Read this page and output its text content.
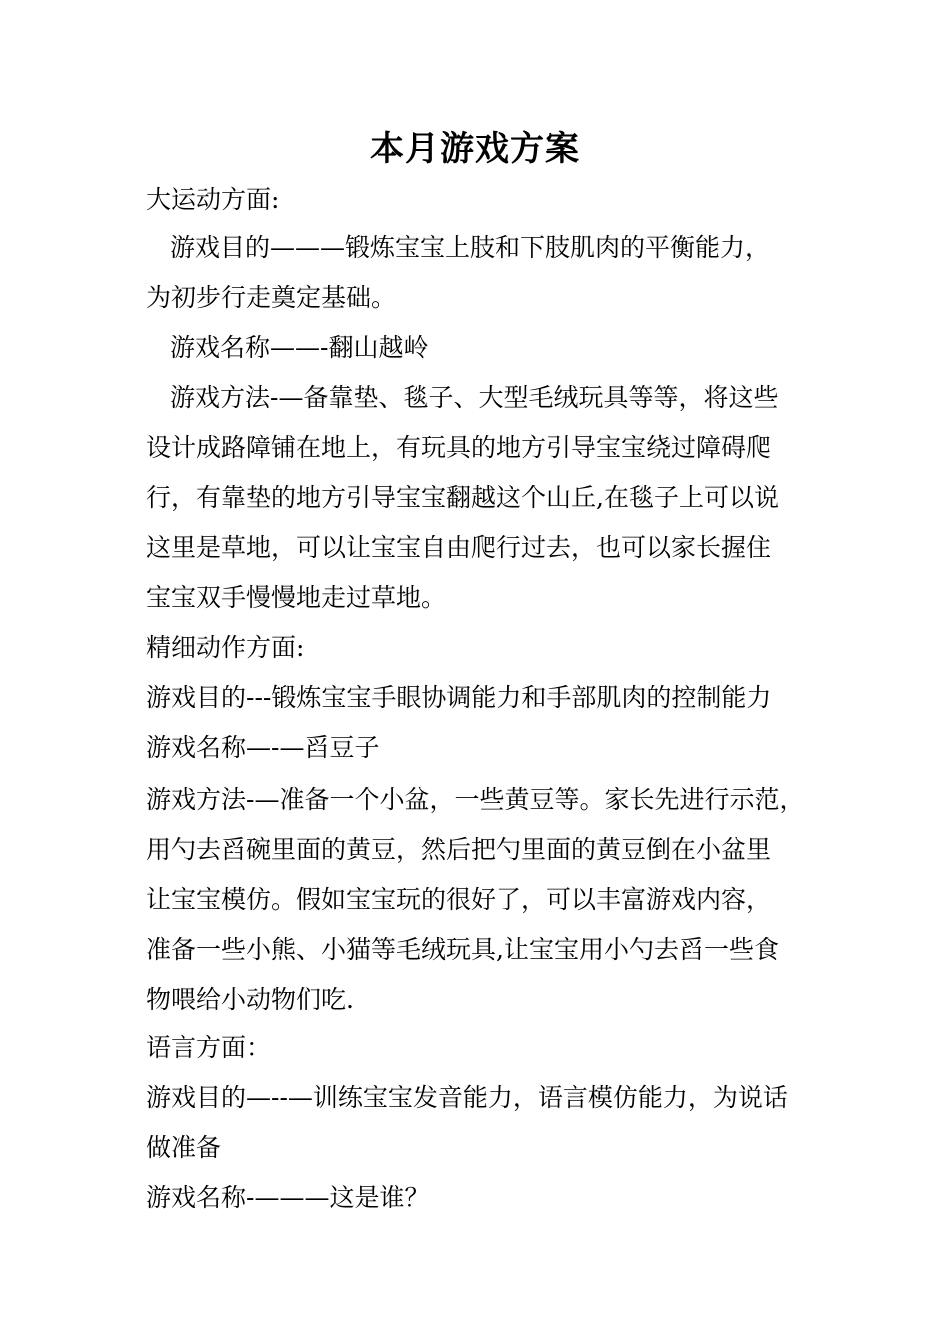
本月游戏方案
大运动方面:
游戏目的———锻炼宝宝上肢和下肢肌肉的平衡能力，
为初步行走奠定基础。
游戏名称——-翻山越岭
游戏方法-—备靠垫、毯子、大型毛绒玩具等等，将这些
设计成路障铺在地上，有玩具的地方引导宝宝绕过障碍爬
行，有靠垫的地方引导宝宝翻越这个山丘,在毯子上可以说
这里是草地，可以让宝宝自由爬行过去，也可以家长握住
宝宝双手慢慢地走过草地。
精细动作方面:
游戏目的---锻炼宝宝手眼协调能力和手部肌肉的控制能力
游戏名称—-—舀豆子
游戏方法-—准备一个小盆，一些黄豆等。家长先进行示范，
用勺去舀碗里面的黄豆，然后把勺里面的黄豆倒在小盆里
让宝宝模仿。假如宝宝玩的很好了，可以丰富游戏内容，
准备一些小熊、小猫等毛绒玩具,让宝宝用小勺去舀一些食
物喂给小动物们吃.
语言方面：
游戏目的—--—训练宝宝发音能力，语言模仿能力，为说话
做准备
游戏名称-———这是谁？
